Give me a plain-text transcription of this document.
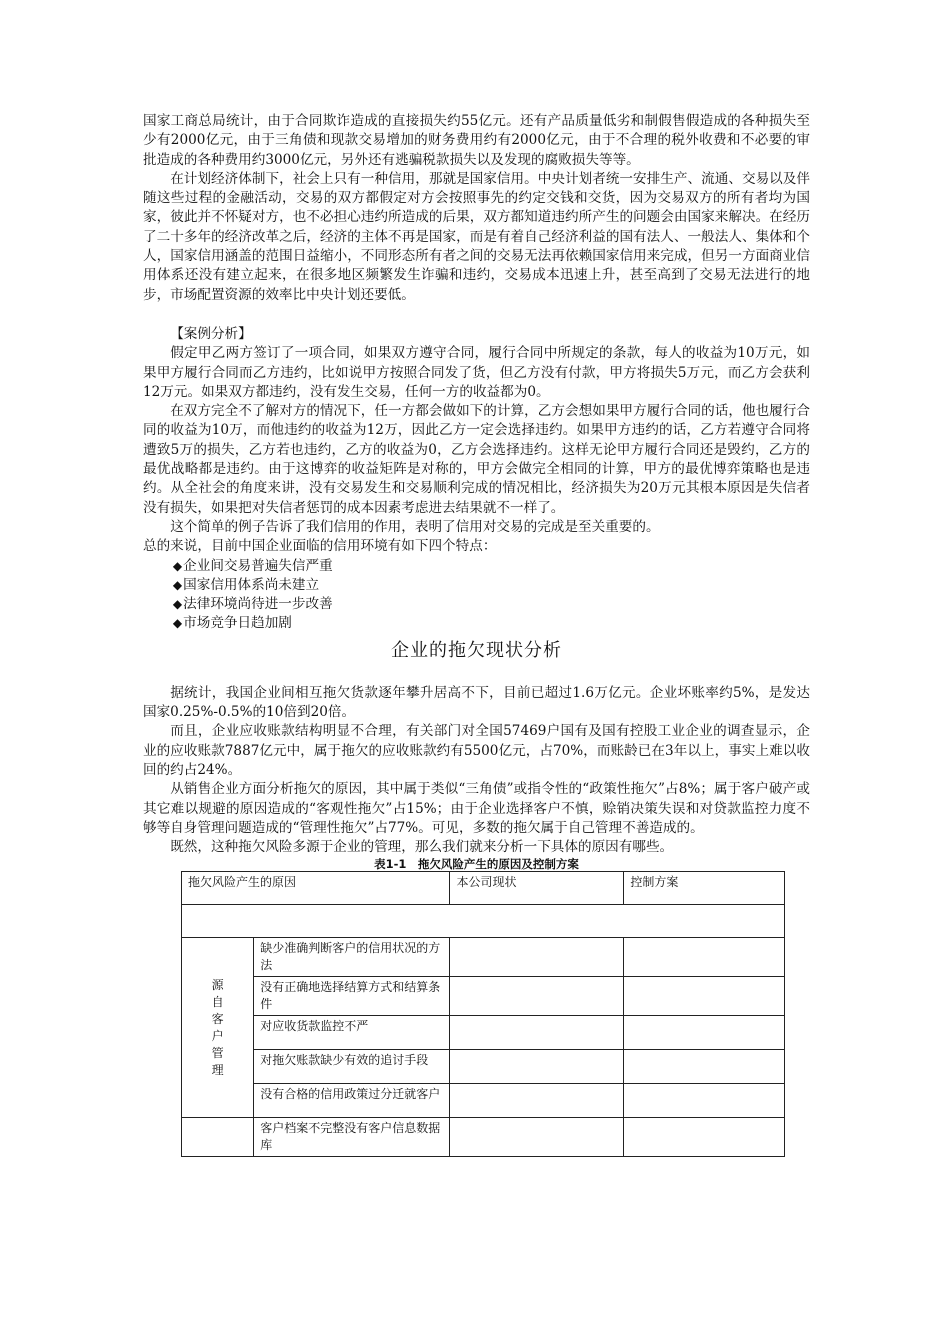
国家工商总局统计，由于合同欺诈造成的直接损失约55亿元。还有产品质量低劣和制假售假造成的各种损失至少有2000亿元，由于三角债和现款交易增加的财务费用约有2000亿元，由于不合理的税外收费和不必要的审批造成的各种费用约3000亿元，另外还有逃骗税款损失以及发现的腐败损失等等。

在计划经济体制下，社会上只有一种信用，那就是国家信用。中央计划者统一安排生产、流通、交易以及伴随这些过程的金融活动，交易的双方都假定对方会按照事先的约定交钱和交货，因为交易双方的所有者均为国家，彼此并不怀疑对方，也不必担心违约所造成的后果，双方都知道违约所产生的问题会由国家来解决。在经历了二十多年的经济改革之后，经济的主体不再是国家，而是有着自己经济利益的国有法人、一般法人、集体和个人，国家信用涵盖的范围日益缩小，不同形态所有者之间的交易无法再依赖国家信用来完成，但另一方面商业信用体系还没有建立起来，在很多地区频繁发生诈骗和违约，交易成本迅速上升，甚至高到了交易无法进行的地步，市场配置资源的效率比中央计划还要低。

【案例分析】

假定甲乙两方签订了一项合同，如果双方遵守合同，履行合同中所规定的条款，每人的收益为10万元，如果甲方履行合同而乙方违约，比如说甲方按照合同发了货，但乙方没有付款，甲方将损失5万元，而乙方会获利12万元。如果双方都违约，没有发生交易，任何一方的收益都为0。

在双方完全不了解对方的情况下，任一方都会做如下的计算，乙方会想如果甲方履行合同的话，他也履行合同的收益为10万，而他违约的收益为12万，因此乙方一定会选择违约。如果甲方违约的话，乙方若遵守合同将遭致5万的损失，乙方若也违约，乙方的收益为0，乙方会选择违约。这样无论甲方履行合同还是毁约，乙方的最优战略都是违约。由于这博弈的收益矩阵是对称的，甲方会做完全相同的计算，甲方的最优博弈策略也是违约。从全社会的角度来讲，没有交易发生和交易顺利完成的情况相比，经济损失为20万元其根本原因是失信者没有损失，如果把对失信者惩罚的成本因素考虑进去结果就不一样了。

这个简单的例子告诉了我们信用的作用，表明了信用对交易的完成是至关重要的。

总的来说，目前中国企业面临的信用环境有如下四个特点：

◆企业间交易普遍失信严重

◆国家信用体系尚未建立

◆法律环境尚待进一步改善

◆市场竞争日趋加剧

企业的拖欠现状分析

据统计，我国企业间相互拖欠货款逐年攀升居高不下，目前已超过1.6万亿元。企业坏账率约5%，是发达国家0.25%-0.5%的10倍到20倍。

而且，企业应收账款结构明显不合理，有关部门对全国57469户国有及国有控股工业企业的调查显示，企业的应收账款7887亿元中，属于拖欠的应收账款约有5500亿元，占70%，而账龄已在3年以上，事实上难以收回的约占24%。

从销售企业方面分析拖欠的原因，其中属于类似“三角债”或指令性的“政策性拖欠”占8%；属于客户破产或其它难以规避的原因造成的“客观性拖欠”占15%；由于企业选择客户不慎，赊销决策失误和对贷款监控力度不够等自身管理问题造成的“管理性拖欠”占77%。可见，多数的拖欠属于自己管理不善造成的。

既然，这种拖欠风险多源于企业的管理，那么我们就来分析一下具体的原因有哪些。

表1-1　拖欠风险产生的原因及控制方案

拖欠风险产生的原因		本公司现状	控制方案

源自客户管理	缺少准确判断客户的信用状况的方法		
	没有正确地选择结算方式和结算条件		
	对应收货款监控不严		
	对拖欠账款缺少有效的追讨手段		
	没有合格的信用政策过分迁就客户		
	客户档案不完整没有客户信息数据库		
